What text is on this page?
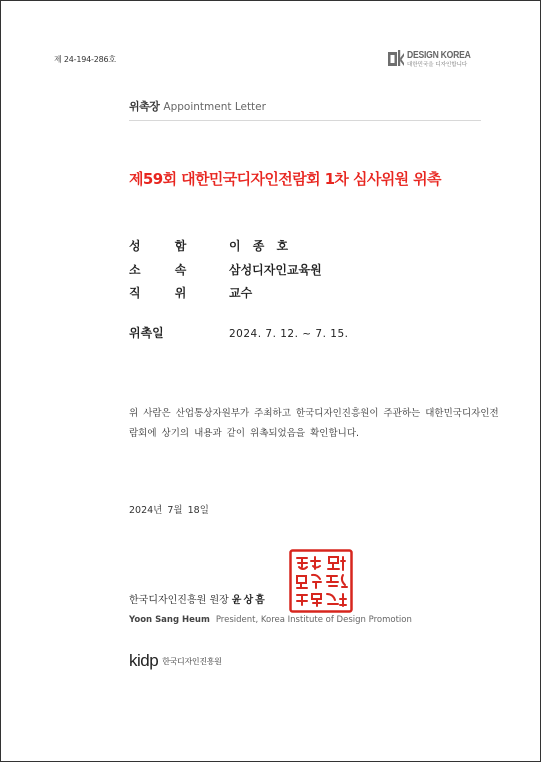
제 24-194-286호	DESIGN KOREA
대한민국을 디자인합니다
위촉장 Appointment Letter
제59회 대한민국디자인전람회 1차 심사위원 위촉
성 함 이 종 호
소 속 삼성디자인교육원
직 위 교수
위촉일	2024. 7. 12. ~ 7. 15.
위 사람은 산업통상자원부가 주최하고 한국디자인진흥원이 주관하는 대한민국디자인전람회에 상기의 내용과 같이 위촉되었음을 확인합니다.
2024년 7월 18일
한국디자인진흥원 원장 윤상흠
Yoon Sang Heum President, Korea Institute of Design Promotion
kidp 한국디자인진흥원
